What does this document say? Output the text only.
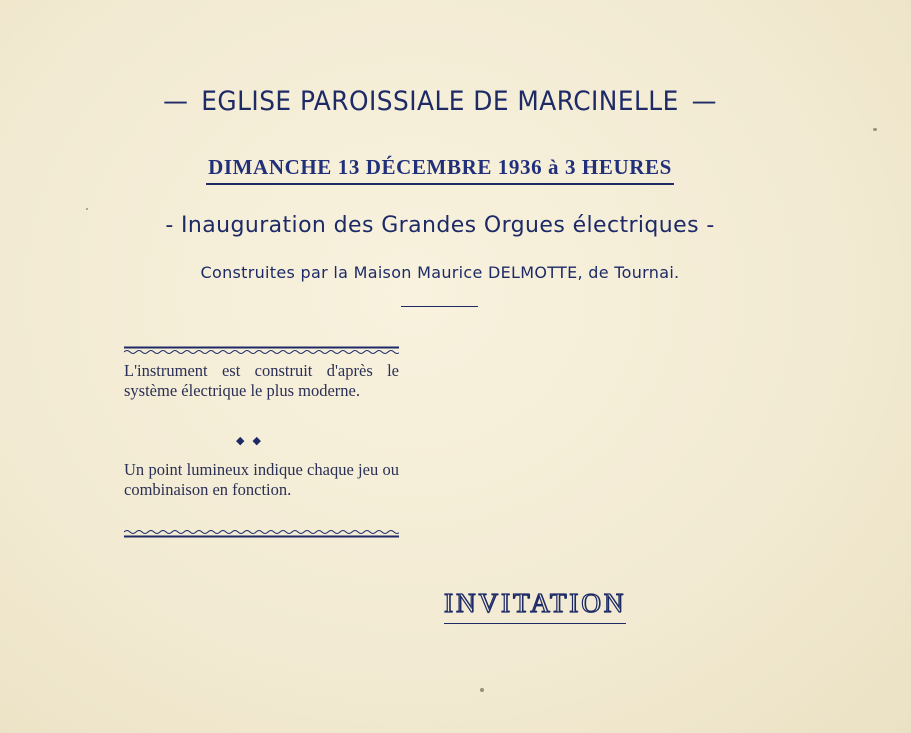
— EGLISE PAROISSIALE DE MARCINELLE —
DIMANCHE 13 DÉCEMBRE 1936 à 3 HEURES
- Inauguration des Grandes Orgues électriques -
Construites par la Maison Maurice DELMOTTE, de Tournai.
L'instrument est construit d'après le système électrique le plus moderne.
◆◆
Un point lumineux indique chaque jeu ou combinaison en fonction.
INVITATION
